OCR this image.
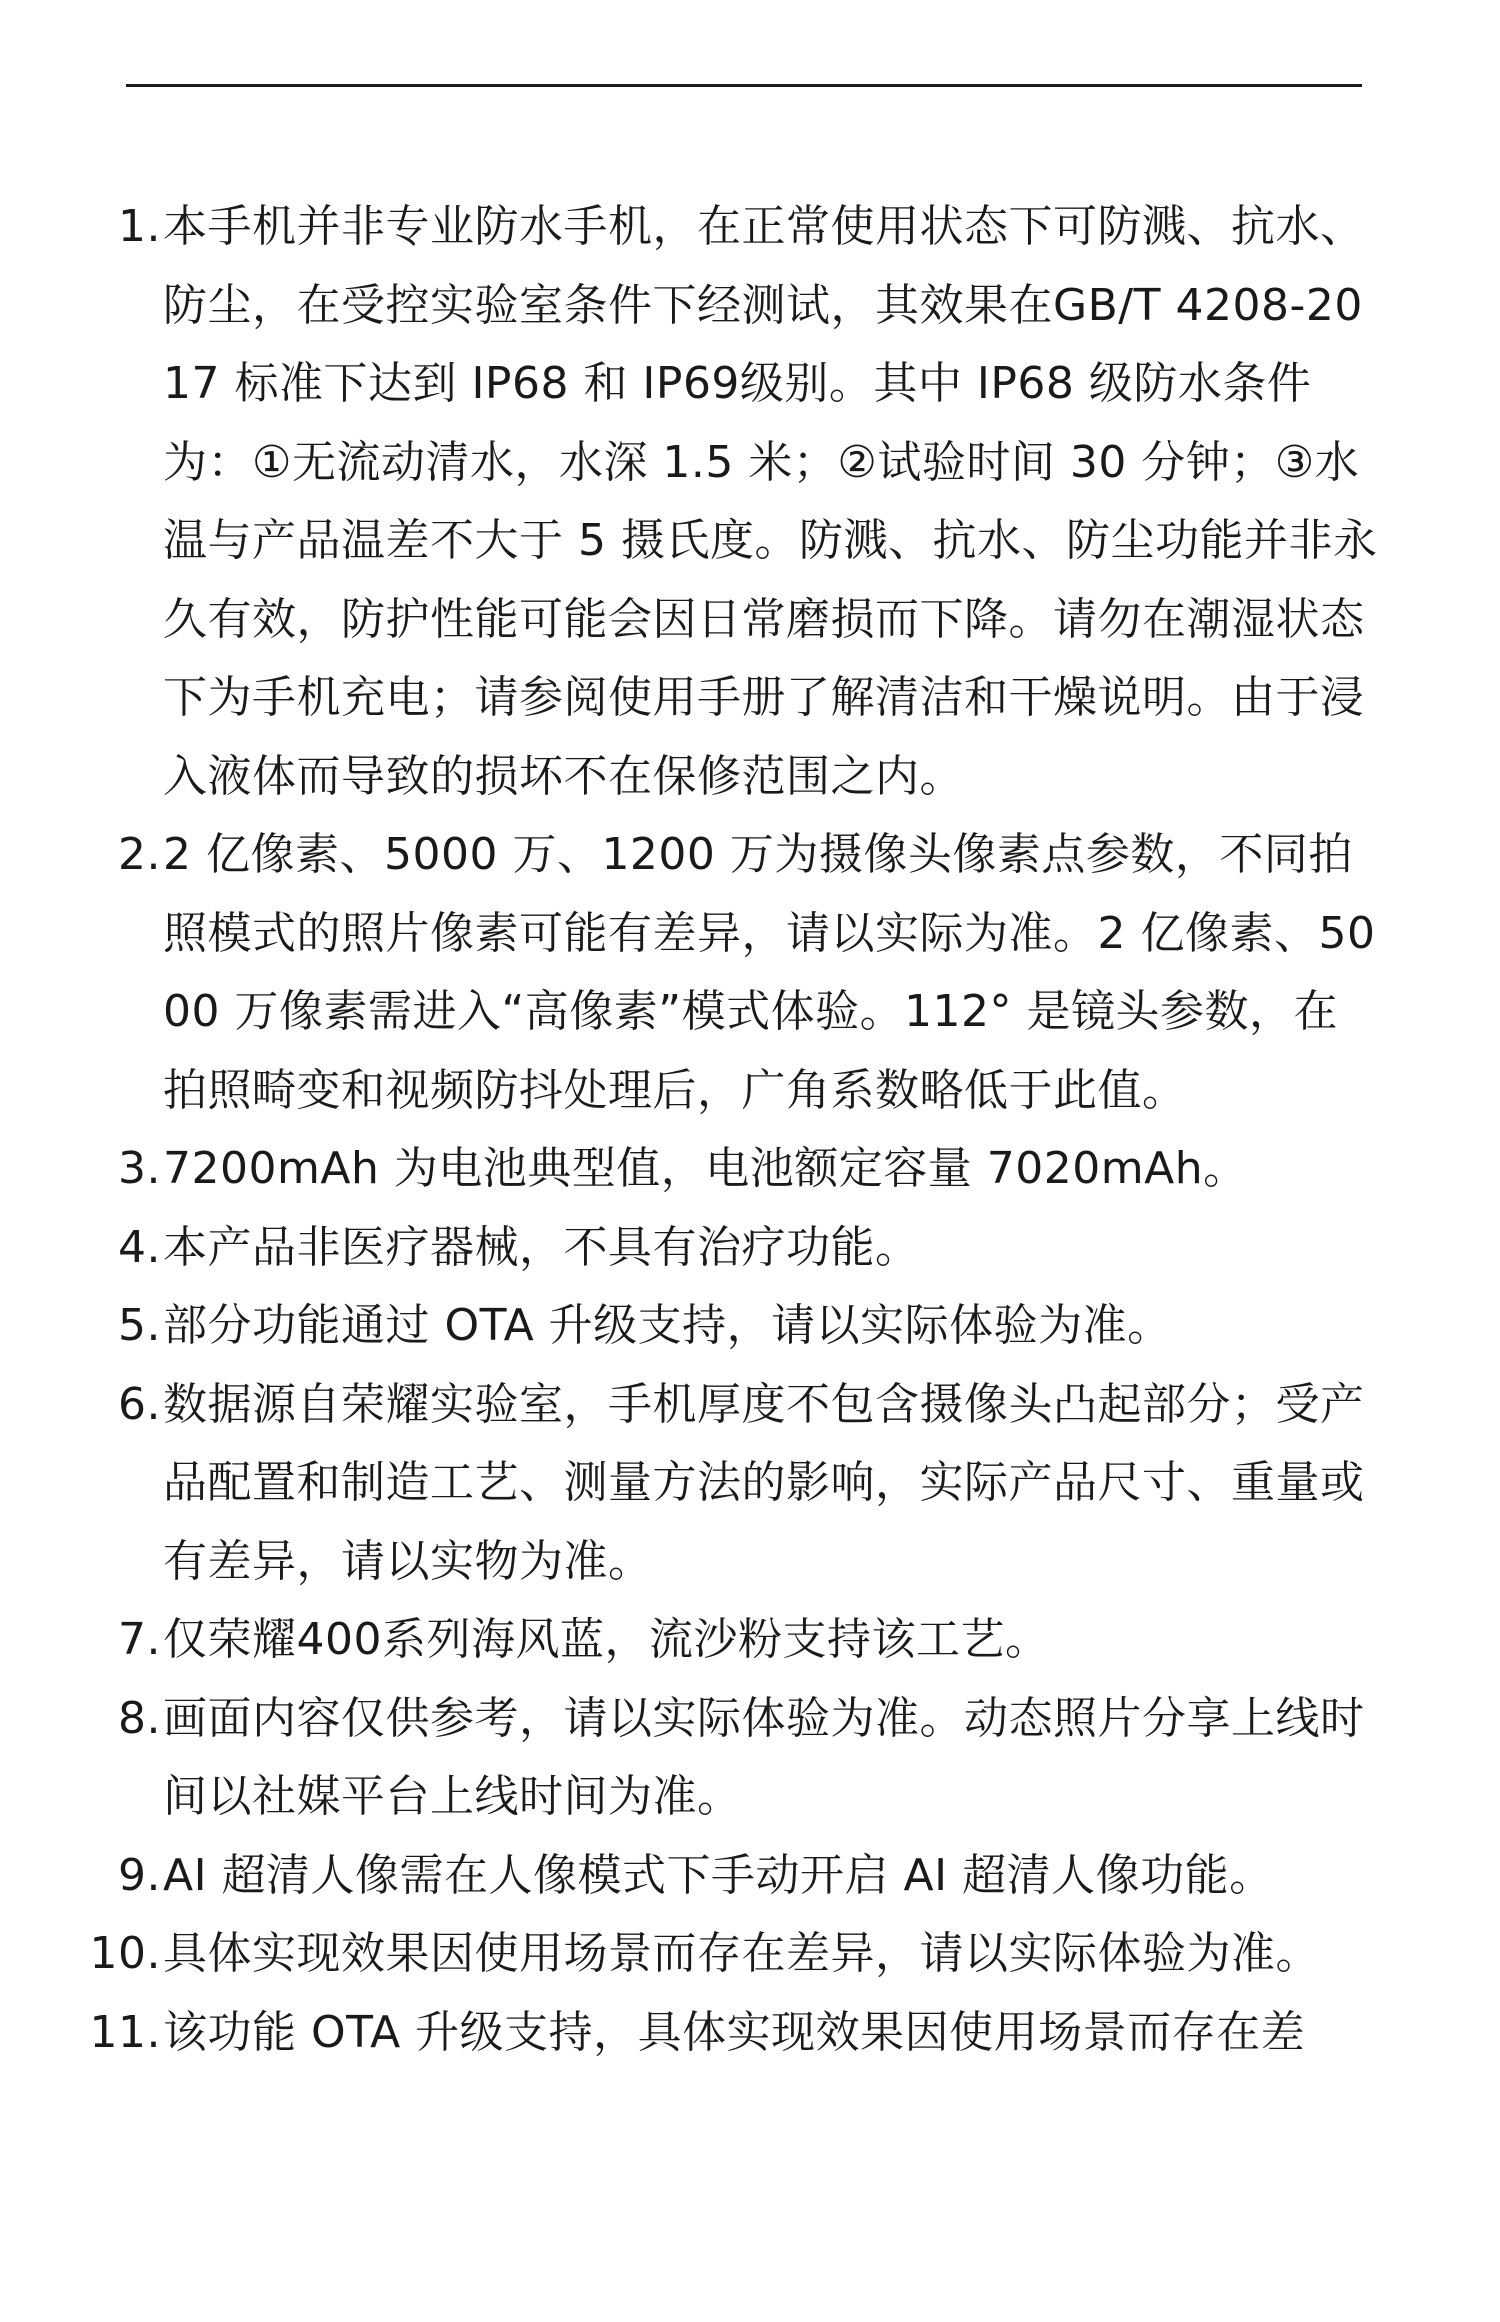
1. 本手机并非专业防水手机，在正常使用状态下可防溅、抗水、防尘，在受控实验室条件下经测试，其效果在GB/T 4208-2017 标准下达到 IP68 和 IP69级别。其中 IP68 级防水条件为：①无流动清水，水深 1.5 米；②试验时间 30 分钟；③水温与产品温差不大于 5 摄氏度。防溅、抗水、防尘功能并非永久有效，防护性能可能会因日常磨损而下降。请勿在潮湿状态下为手机充电；请参阅使用手册了解清洁和干燥说明。由于浸入液体而导致的损坏不在保修范围之内。
2. 2 亿像素、5000 万、1200 万为摄像头像素点参数，不同拍照模式的照片像素可能有差异，请以实际为准。2 亿像素、5000 万像素需进入“高像素”模式体验。112° 是镜头参数，在拍照畸变和视频防抖处理后，广角系数略低于此值。
3. 7200mAh 为电池典型值，电池额定容量 7020mAh。
4. 本产品非医疗器械，不具有治疗功能。
5. 部分功能通过 OTA 升级支持，请以实际体验为准。
6. 数据源自荣耀实验室，手机厚度不包含摄像头凸起部分；受产品配置和制造工艺、测量方法的影响，实际产品尺寸、重量或有差异，请以实物为准。
7. 仅荣耀400系列海风蓝，流沙粉支持该工艺。
8. 画面内容仅供参考，请以实际体验为准。动态照片分享上线时间以社媒平台上线时间为准。
9. AI 超清人像需在人像模式下手动开启 AI 超清人像功能。
10. 具体实现效果因使用场景而存在差异，请以实际体验为准。
11. 该功能 OTA 升级支持，具体实现效果因使用场景而存在差
